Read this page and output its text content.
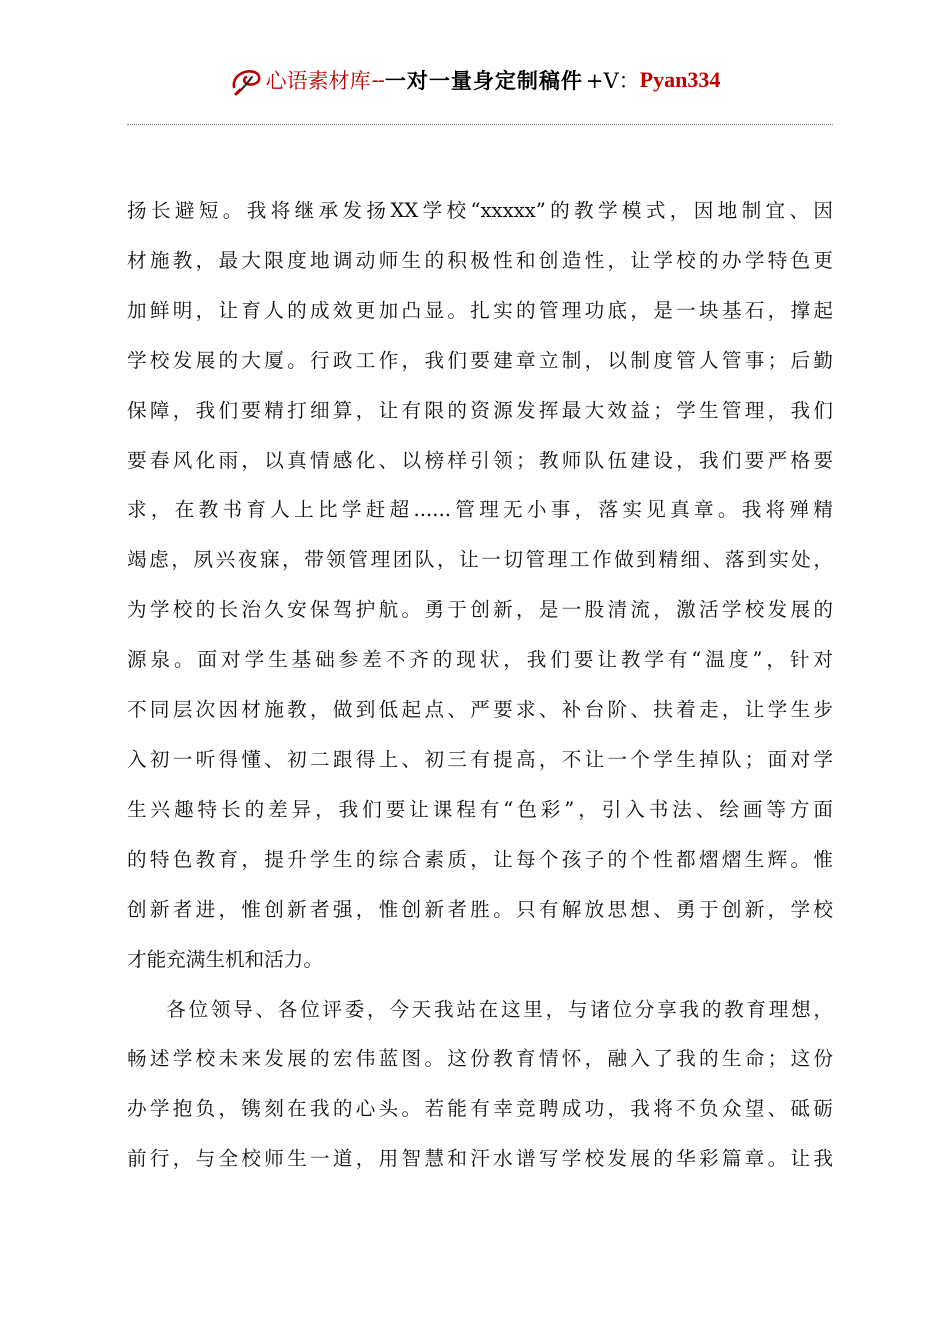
心语素材库 -- 一对一量身定制稿件 +V： Pyan334

扬长避短。我将继承发扬XX学校“xxxxx”的教学模式，因地制宜、因
材施教，最大限度地调动师生的积极性和创造性，让学校的办学特色更
加鲜明，让育人的成效更加凸显。扎实的管理功底，是一块基石，撑起
学校发展的大厦。行政工作，我们要建章立制，以制度管人管事；后勤
保障，我们要精打细算，让有限的资源发挥最大效益；学生管理，我们
要春风化雨，以真情感化、以榜样引领；教师队伍建设，我们要严格要
求，在教书育人上比学赶超......管理无小事，落实见真章。我将殚精
竭虑，夙兴夜寐，带领管理团队，让一切管理工作做到精细、落到实处，
为学校的长治久安保驾护航。勇于创新，是一股清流，激活学校发展的
源泉。面对学生基础参差不齐的现状，我们要让教学有“温度”，针对
不同层次因材施教，做到低起点、严要求、补台阶、扶着走，让学生步
入初一听得懂、初二跟得上、初三有提高，不让一个学生掉队；面对学
生兴趣特长的差异，我们要让课程有“色彩”，引入书法、绘画等方面
的特色教育，提升学生的综合素质，让每个孩子的个性都熠熠生辉。惟
创新者进，惟创新者强，惟创新者胜。只有解放思想、勇于创新，学校
才能充满生机和活力。

各位领导、各位评委，今天我站在这里，与诸位分享我的教育理想，
畅述学校未来发展的宏伟蓝图。这份教育情怀，融入了我的生命；这份
办学抱负，镌刻在我的心头。若能有幸竞聘成功，我将不负众望、砥砺
前行，与全校师生一道，用智慧和汗水谱写学校发展的华彩篇章。让我
